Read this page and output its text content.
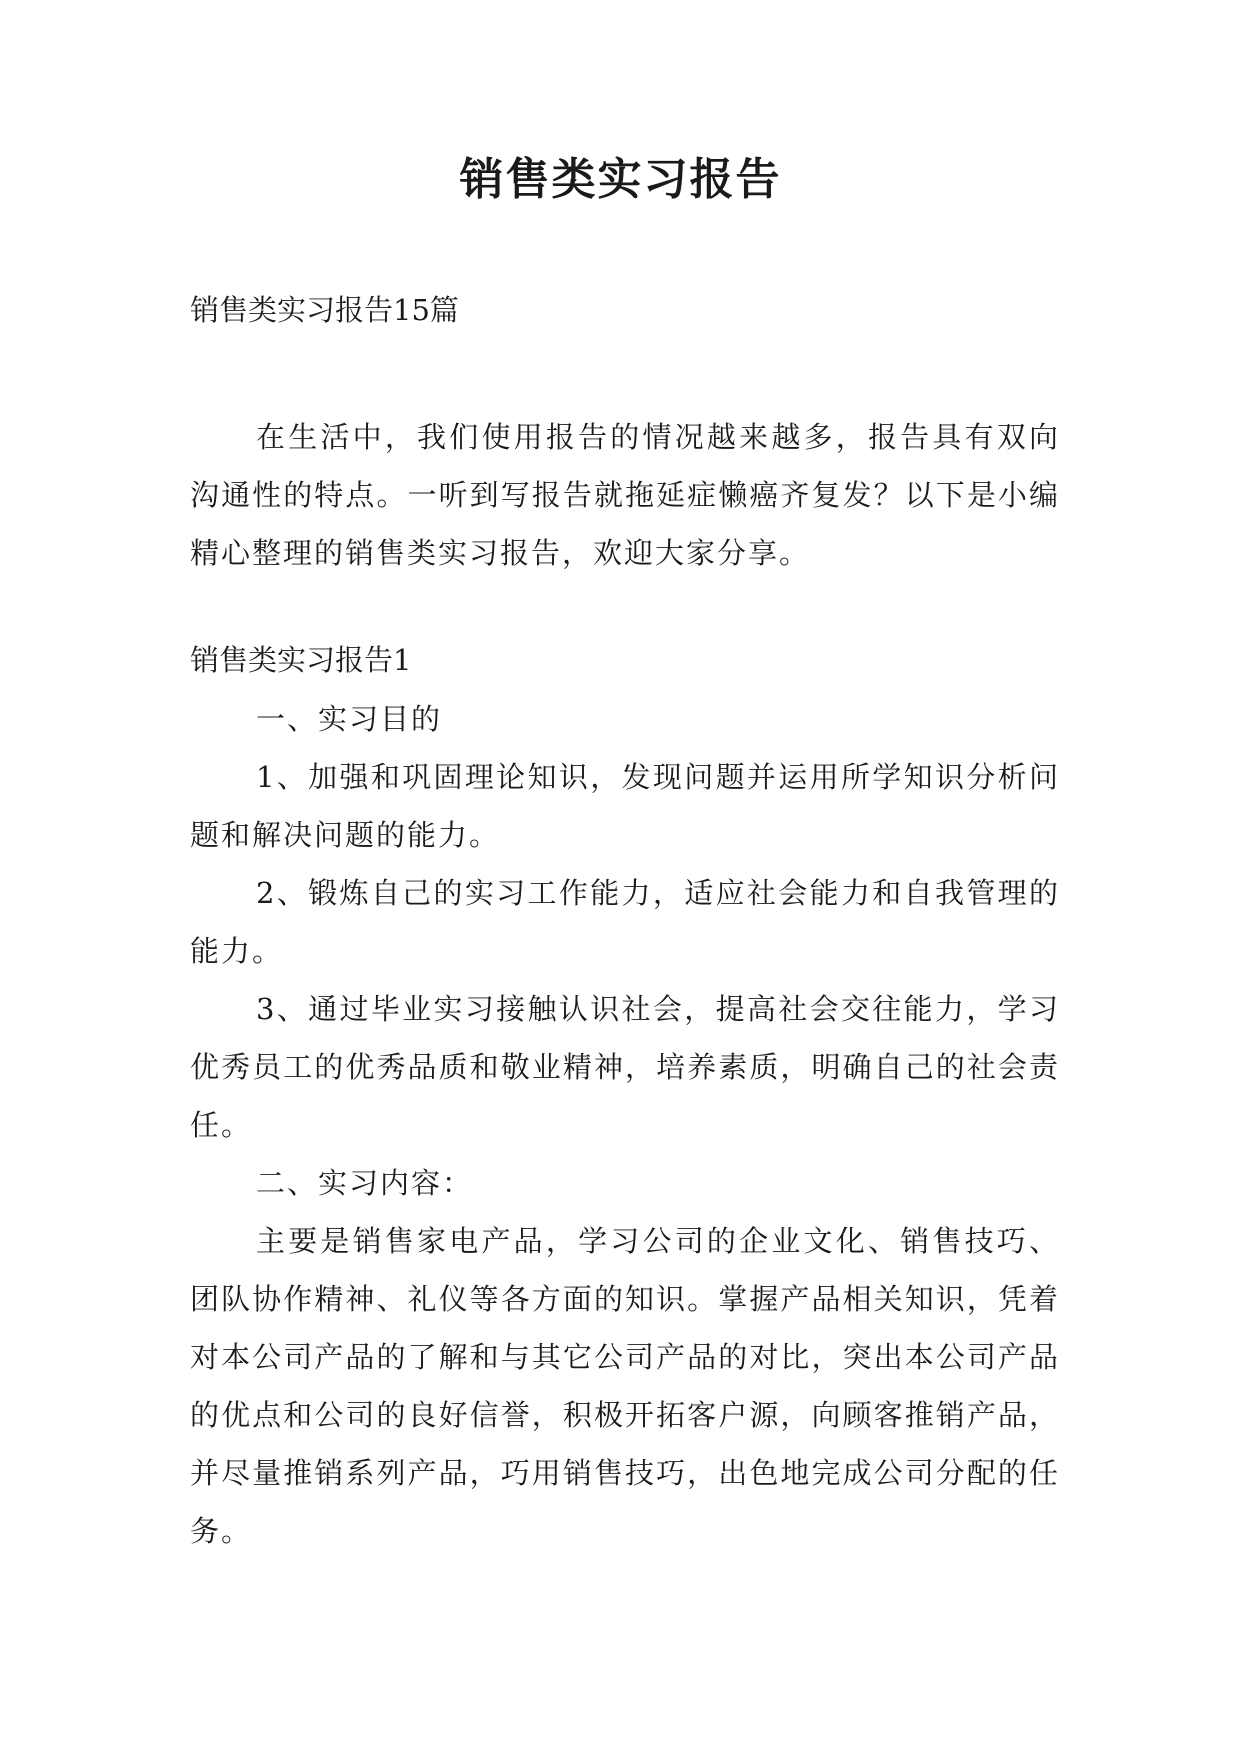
销售类实习报告

销售类实习报告15篇

在生活中，我们使用报告的情况越来越多，报告具有双向沟通性的特点。一听到写报告就拖延症懒癌齐复发？以下是小编精心整理的销售类实习报告，欢迎大家分享。

销售类实习报告1

一、实习目的

1、加强和巩固理论知识，发现问题并运用所学知识分析问题和解决问题的能力。

2、锻炼自己的实习工作能力，适应社会能力和自我管理的能力。

3、通过毕业实习接触认识社会，提高社会交往能力，学习优秀员工的优秀品质和敬业精神，培养素质，明确自己的社会责任。

二、实习内容：

主要是销售家电产品，学习公司的企业文化、销售技巧、团队协作精神、礼仪等各方面的知识。掌握产品相关知识，凭着对本公司产品的了解和与其它公司产品的对比，突出本公司产品的优点和公司的良好信誉，积极开拓客户源，向顾客推销产品，并尽量推销系列产品，巧用销售技巧，出色地完成公司分配的任务。
